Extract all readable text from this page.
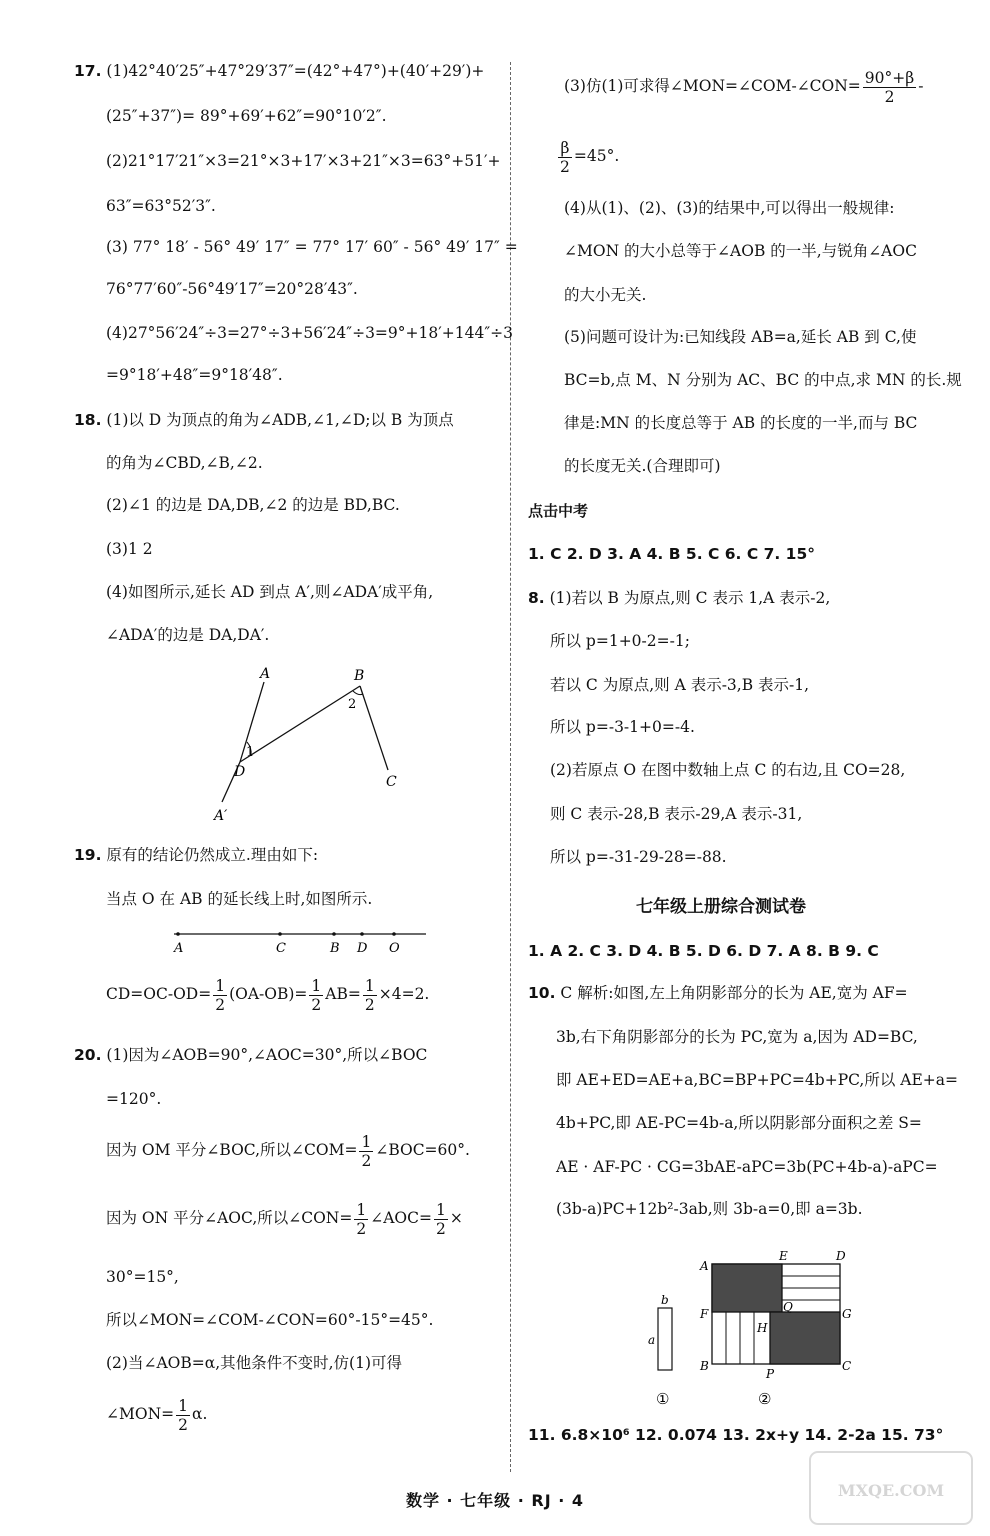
17. (1)42°40′25″+47°29′37″=(42°+47°)+(40′+29′)+
(25″+37″)= 89°+69′+62″=90°10′2″.
(2)21°17′21″×3=21°×3+17′×3+21″×3=63°+51′+
63″=63°52′3″.
(3) 77° 18′ - 56° 49′ 17″ = 77° 17′ 60″ - 56° 49′ 17″ =
76°77′60″-56°49′17″=20°28′43″.
(4)27°56′24″÷3=27°÷3+56′24″÷3=9°+18′+144″÷3
=9°18′+48″=9°18′48″.
18. (1)以 D 为顶点的角为∠ADB,∠1,∠D;以 B 为顶点
的角为∠CBD,∠B,∠2.
(2)∠1 的边是 DA,DB,∠2 的边是 BD,BC.
(3)1 2
(4)如图所示,延长 AD 到点 A′,则∠ADA′成平角,
∠ADA′的边是 DA,DA′.
A	B
C
D
A′
1
2
19. 原有的结论仍然成立.理由如下:
当点 O 在 AB 的延长线上时,如图所示.
A	C	B D O
$CD=OC-OD= \frac{1}{2} (OA-OB)= \frac{1}{2} AB= \frac{1}{2} \times 4=2$.
20. (1)因为∠AOB=90°,∠AOC=30°,所以∠BOC
=120°.
因为 OM 平分∠BOC,所以∠COM= $\frac{1}{2}$ ∠BOC=60°.
因为 ON 平分∠AOC,所以∠CON= $\frac{1}{2}$ ∠AOC= $\frac{1}{2}$ ×
30°=15°,
所以∠MON=∠COM-∠CON=60°-15°=45°.
(2)当∠AOB=α,其他条件不变时,仿(1)可得
∠MON= $\frac{1}{2} \alpha$.
(3)仿(1)可求得∠MON=∠COM-∠CON= $\frac{90^\circ+\beta}{2}$ -
$\frac{\beta}{2} =45^\circ$.
(4)从(1)、(2)、(3)的结果中,可以得出一般规律:
∠MON 的大小总等于∠AOB 的一半,与锐角∠AOC
的大小无关.
(5)问题可设计为:已知线段 AB=a,延长 AB 到 C,使
BC=b,点 M、N 分别为 AC、BC 的中点,求 MN 的长.规
律是:MN 的长度总等于 AB 的长度的一半,而与 BC
的长度无关.(合理即可)
点击中考
1. C 2. D 3. A 4. B 5. C 6. C 7. 15°
8. (1)若以 B 为原点,则 C 表示 1,A 表示-2,
所以 p=1+0-2=-1;
若以 C 为原点,则 A 表示-3,B 表示-1,
所以 p=-3-1+0=-4.
(2)若原点 O 在图中数轴上点 C 的右边,且 CO=28,
则 C 表示-28,B 表示-29,A 表示-31,
所以 p=-31-29-28=-88.
七年级上册综合测试卷
1. A 2. C 3. D 4. B 5. D 6. D 7. A 8. B 9. C
10. C 解析:如图,左上角阴影部分的长为 AE,宽为 AF=
3b,右下角阴影部分的长为 PC,宽为 a,因为 AD=BC,
即 AE+ED=AE+a,BC=BP+PC=4b+PC,所以 AE+a=
4b+PC,即 AE-PC=4b-a,所以阴影部分面积之差 S=
AE · AF-PC · CG=3bAE-aPC=3b(PC+4b-a)-aPC=
(3b-a)PC+12b²-3ab,则 3b-a=0,即 a=3b.
b
a
①
A
E	D
F	Q	G
H
B
P
C
②
11. 6.8×10⁶ 12. 0.074 13. 2x+y 14. 2-2a 15. 73°
数学 · 七年级 · RJ · 4
MXQE.COM
